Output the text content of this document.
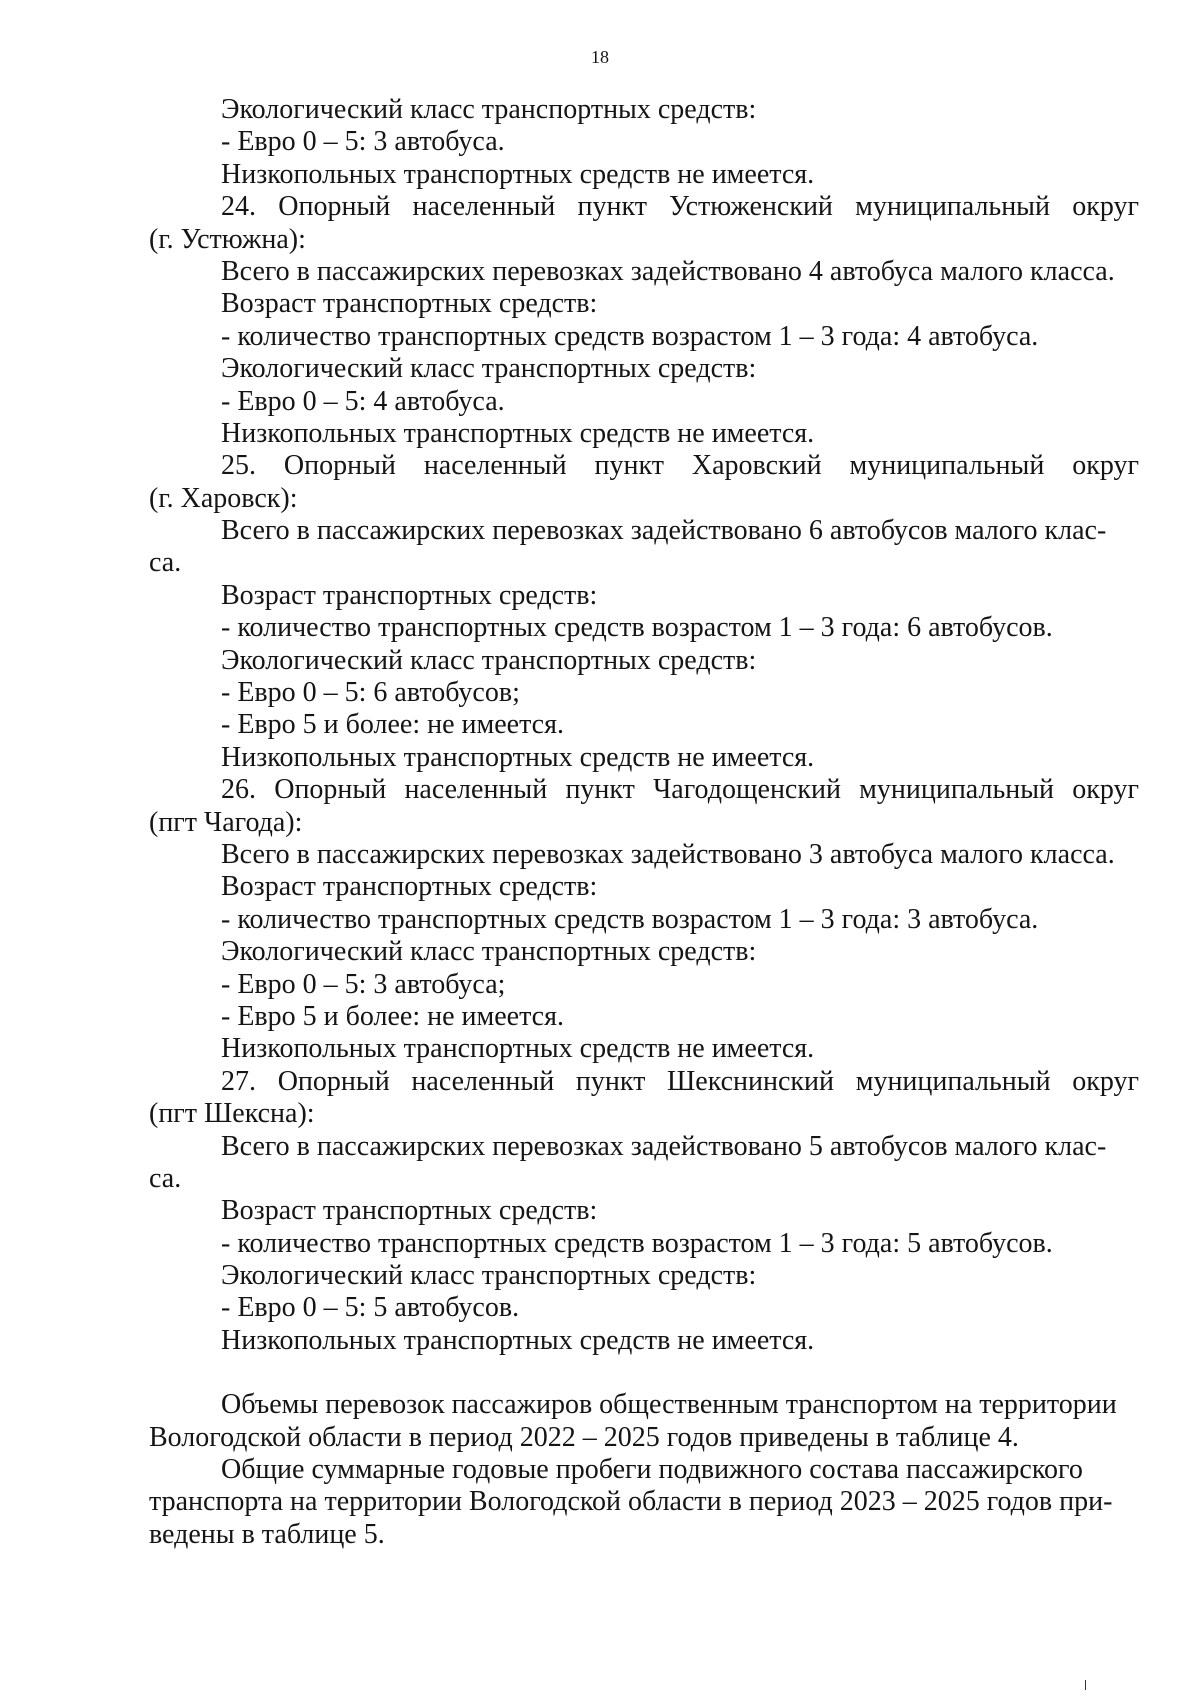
18
Экологический класс транспортных средств:
- Евро 0 – 5: 3 автобуса.
Низкопольных транспортных средств не имеется.
24. Опорный населенный пункт Устюженский муниципальный округ
(г. Устюжна):
Всего в пассажирских перевозках задействовано 4 автобуса малого класса.
Возраст транспортных средств:
- количество транспортных средств возрастом 1 – 3 года: 4 автобуса.
Экологический класс транспортных средств:
- Евро 0 – 5: 4 автобуса.
Низкопольных транспортных средств не имеется.
25. Опорный населенный пункт Харовский муниципальный округ
(г. Харовск):
Всего в пассажирских перевозках задействовано 6 автобусов малого клас-
са.
Возраст транспортных средств:
- количество транспортных средств возрастом 1 – 3 года: 6 автобусов.
Экологический класс транспортных средств:
- Евро 0 – 5: 6 автобусов;
- Евро 5 и более: не имеется.
Низкопольных транспортных средств не имеется.
26. Опорный населенный пункт Чагодощенский муниципальный округ
(пгт Чагода):
Всего в пассажирских перевозках задействовано 3 автобуса малого класса.
Возраст транспортных средств:
- количество транспортных средств возрастом 1 – 3 года: 3 автобуса.
Экологический класс транспортных средств:
- Евро 0 – 5: 3 автобуса;
- Евро 5 и более: не имеется.
Низкопольных транспортных средств не имеется.
27. Опорный населенный пункт Шекснинский муниципальный округ
(пгт Шексна):
Всего в пассажирских перевозках задействовано 5 автобусов малого клас-
са.
Возраст транспортных средств:
- количество транспортных средств возрастом 1 – 3 года: 5 автобусов.
Экологический класс транспортных средств:
- Евро 0 – 5: 5 автобусов.
Низкопольных транспортных средств не имеется.
Объемы перевозок пассажиров общественным транспортом на территории
Вологодской области в период 2022 – 2025 годов приведены в таблице 4.
Общие суммарные годовые пробеги подвижного состава пассажирского
транспорта на территории Вологодской области в период 2023 – 2025 годов при-
ведены в таблице 5.
